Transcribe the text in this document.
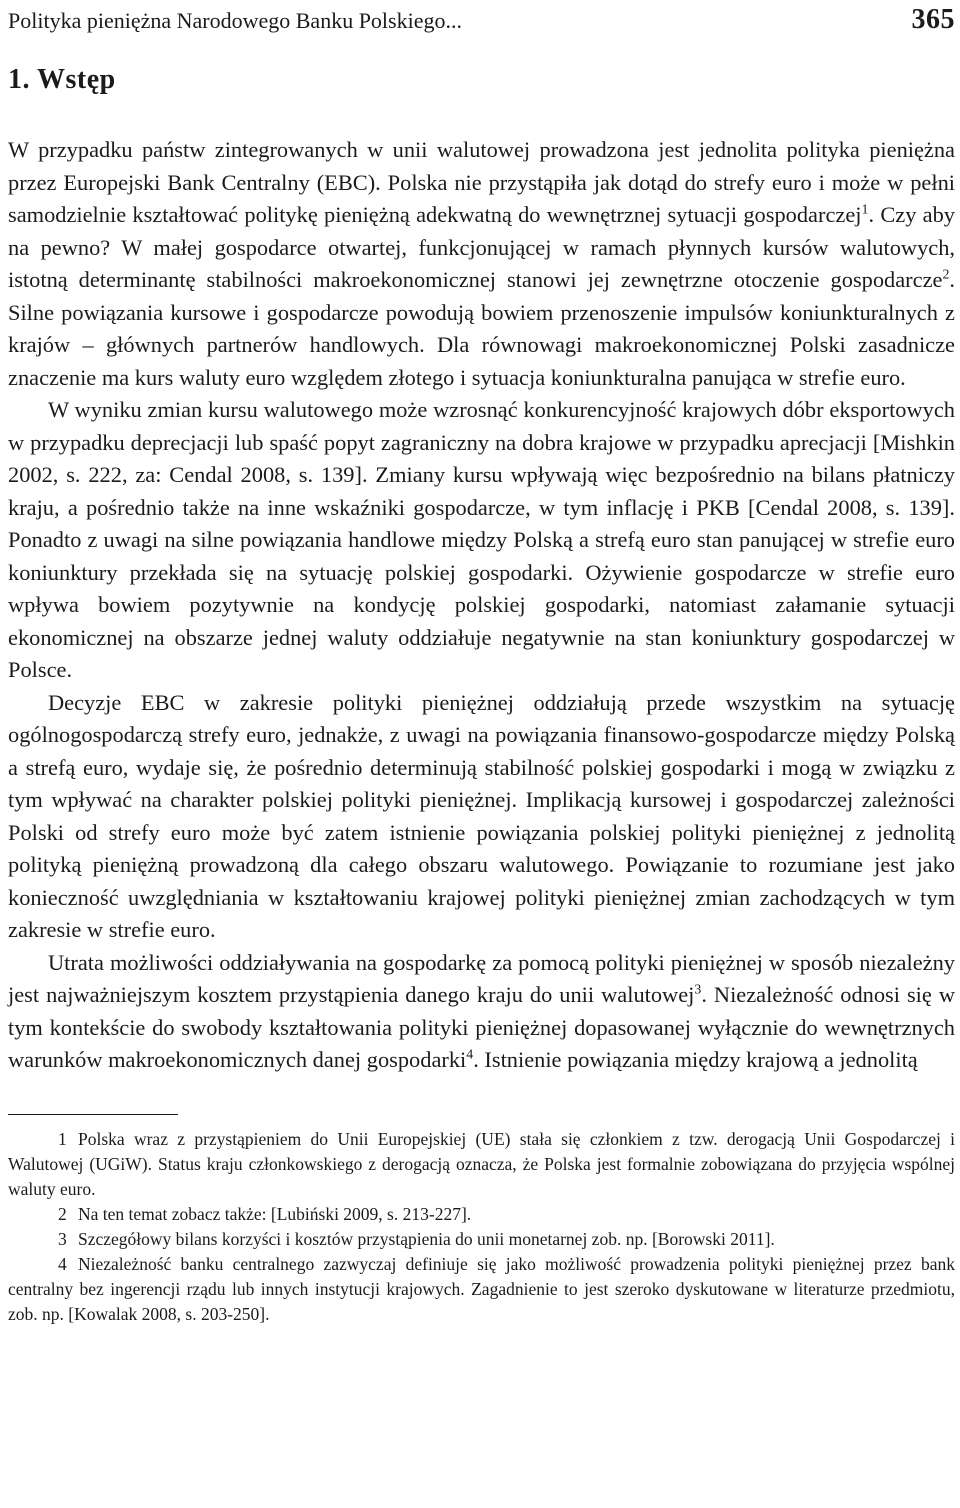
Polityka pieniężna Narodowego Banku Polskiego...	365
1. Wstęp

W przypadku państw zintegrowanych w unii walutowej prowadzona jest jednolita polityka pieniężna przez Europejski Bank Centralny (EBC). Polska nie przystąpiła jak dotąd do strefy euro i może w pełni samodzielnie kształtować politykę pieniężną adekwatną do wewnętrznej sytuacji gospodarczej$^1$. Czy aby na pewno? W małej gospodarce otwartej, funkcjonującej w ramach płynnych kursów walutowych, istotną determinantę stabilności makroekonomicznej stanowi jej zewnętrzne otoczenie gospodarcze$^2$. Silne powiązania kursowe i gospodarcze powodują bowiem przenoszenie impulsów koniunkturalnych z krajów – głównych partnerów handlowych. Dla równowagi makroekonomicznej Polski zasadnicze znaczenie ma kurs waluty euro względem złotego i sytuacja koniunkturalna panująca w strefie euro.

W wyniku zmian kursu walutowego może wzrosnąć konkurencyjność krajowych dóbr eksportowych w przypadku deprecjacji lub spaść popyt zagraniczny na dobra krajowe w przypadku aprecjacji [Mishkin 2002, s. 222, za: Cendal 2008, s. 139]. Zmiany kursu wpływają więc bezpośrednio na bilans płatniczy kraju, a pośrednio także na inne wskaźniki gospodarcze, w tym inflację i PKB [Cendal 2008, s. 139]. Ponadto z uwagi na silne powiązania handlowe między Polską a strefą euro stan panującej w strefie euro koniunktury przekłada się na sytuację polskiej gospodarki. Ożywienie gospodarcze w strefie euro wpływa bowiem pozytywnie na kondycję polskiej gospodarki, natomiast załamanie sytuacji ekonomicznej na obszarze jednej waluty oddziałuje negatywnie na stan koniunktury gospodarczej w Polsce.

Decyzje EBC w zakresie polityki pieniężnej oddziałują przede wszystkim na sytuację ogólnogospodarczą strefy euro, jednakże, z uwagi na powiązania finansowo-gospodarcze między Polską a strefą euro, wydaje się, że pośrednio determinują stabilność polskiej gospodarki i mogą w związku z tym wpływać na charakter polskiej polityki pieniężnej. Implikacją kursowej i gospodarczej zależności Polski od strefy euro może być zatem istnienie powiązania polskiej polityki pieniężnej z jednolitą polityką pieniężną prowadzoną dla całego obszaru walutowego. Powiązanie to rozumiane jest jako konieczność uwzględniania w kształtowaniu krajowej polityki pieniężnej zmian zachodzących w tym zakresie w strefie euro.

Utrata możliwości oddziaływania na gospodarkę za pomocą polityki pieniężnej w sposób niezależny jest najważniejszym kosztem przystąpienia danego kraju do unii walutowej$^3$. Niezależność odnosi się w tym kontekście do swobody kształtowania polityki pieniężnej dopasowanej wyłącznie do wewnętrznych warunków makroekonomicznych danej gospodarki$^4$. Istnienie powiązania między krajową a jednolitą

1 Polska wraz z przystąpieniem do Unii Europejskiej (UE) stała się członkiem z tzw. derogacją Unii Gospodarczej i Walutowej (UGiW). Status kraju członkowskiego z derogacją oznacza, że Polska jest formalnie zobowiązana do przyjęcia wspólnej waluty euro.

2 Na ten temat zobacz także: [Lubiński 2009, s. 213-227].

3 Szczegółowy bilans korzyści i kosztów przystąpienia do unii monetarnej zob. np. [Borowski 2011].

4 Niezależność banku centralnego zazwyczaj definiuje się jako możliwość prowadzenia polityki pieniężnej przez bank centralny bez ingerencji rządu lub innych instytucji krajowych. Zagadnienie to jest szeroko dyskutowane w literaturze przedmiotu, zob. np. [Kowalak 2008, s. 203-250].
